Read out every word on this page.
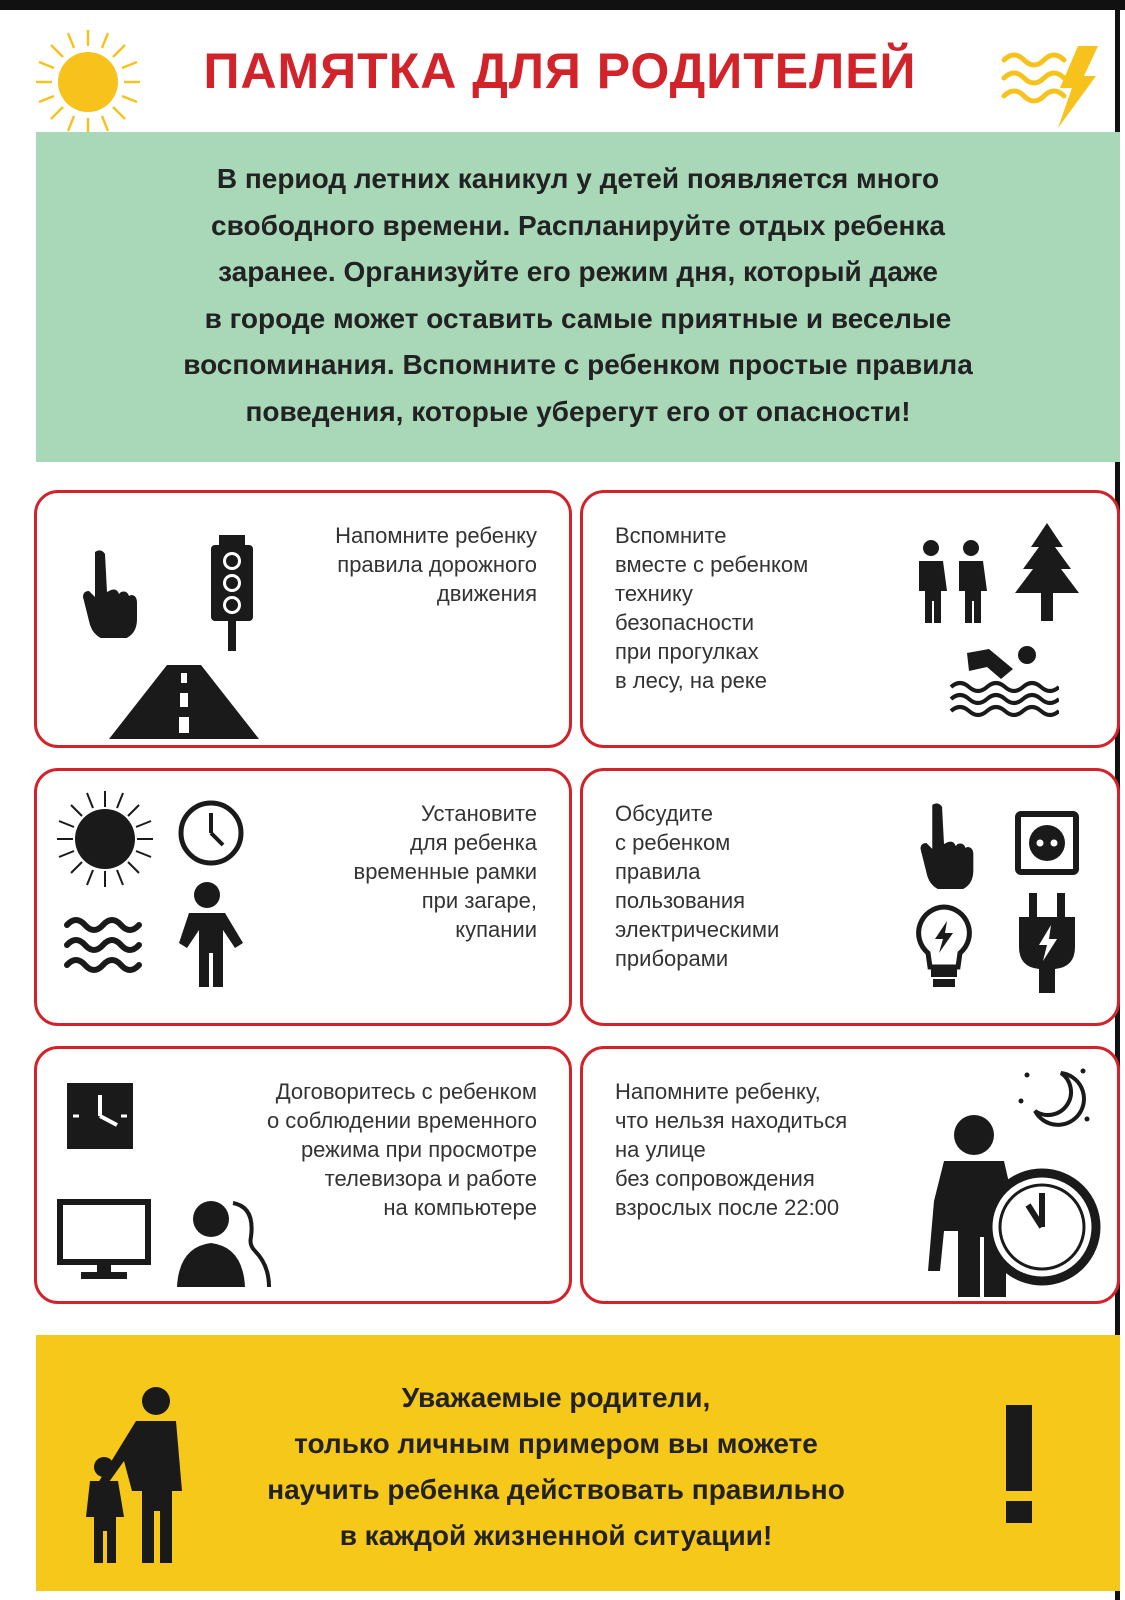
ПАМЯТКА ДЛЯ РОДИТЕЛЕЙ
В период летних каникул у детей появляется много
свободного времени. Распланируйте отдых ребенка
заранее. Организуйте его режим дня, который даже
в городе может оставить самые приятные и веселые
воспоминания. Вспомните с ребенком простые правила
поведения, которые уберегут его от опасности!
Напомните ребенку
правила дорожного
движения
Вспомните
вместе с ребенком
технику
безопасности
при прогулках
в лесу, на реке
Установите
для ребенка
временные рамки
при загаре,
купании
Обсудите
с ребенком
правила
пользования
электрическими
приборами
Договоритесь с ребенком
о соблюдении временного
режима при просмотре
телевизора и работе
на компьютере
Напомните ребенку,
что нельзя находиться
на улице
без сопровождения
взрослых после 22:00
Уважаемые родители,
только личным примером вы можете
научить ребенка действовать правильно
в каждой жизненной ситуации!
